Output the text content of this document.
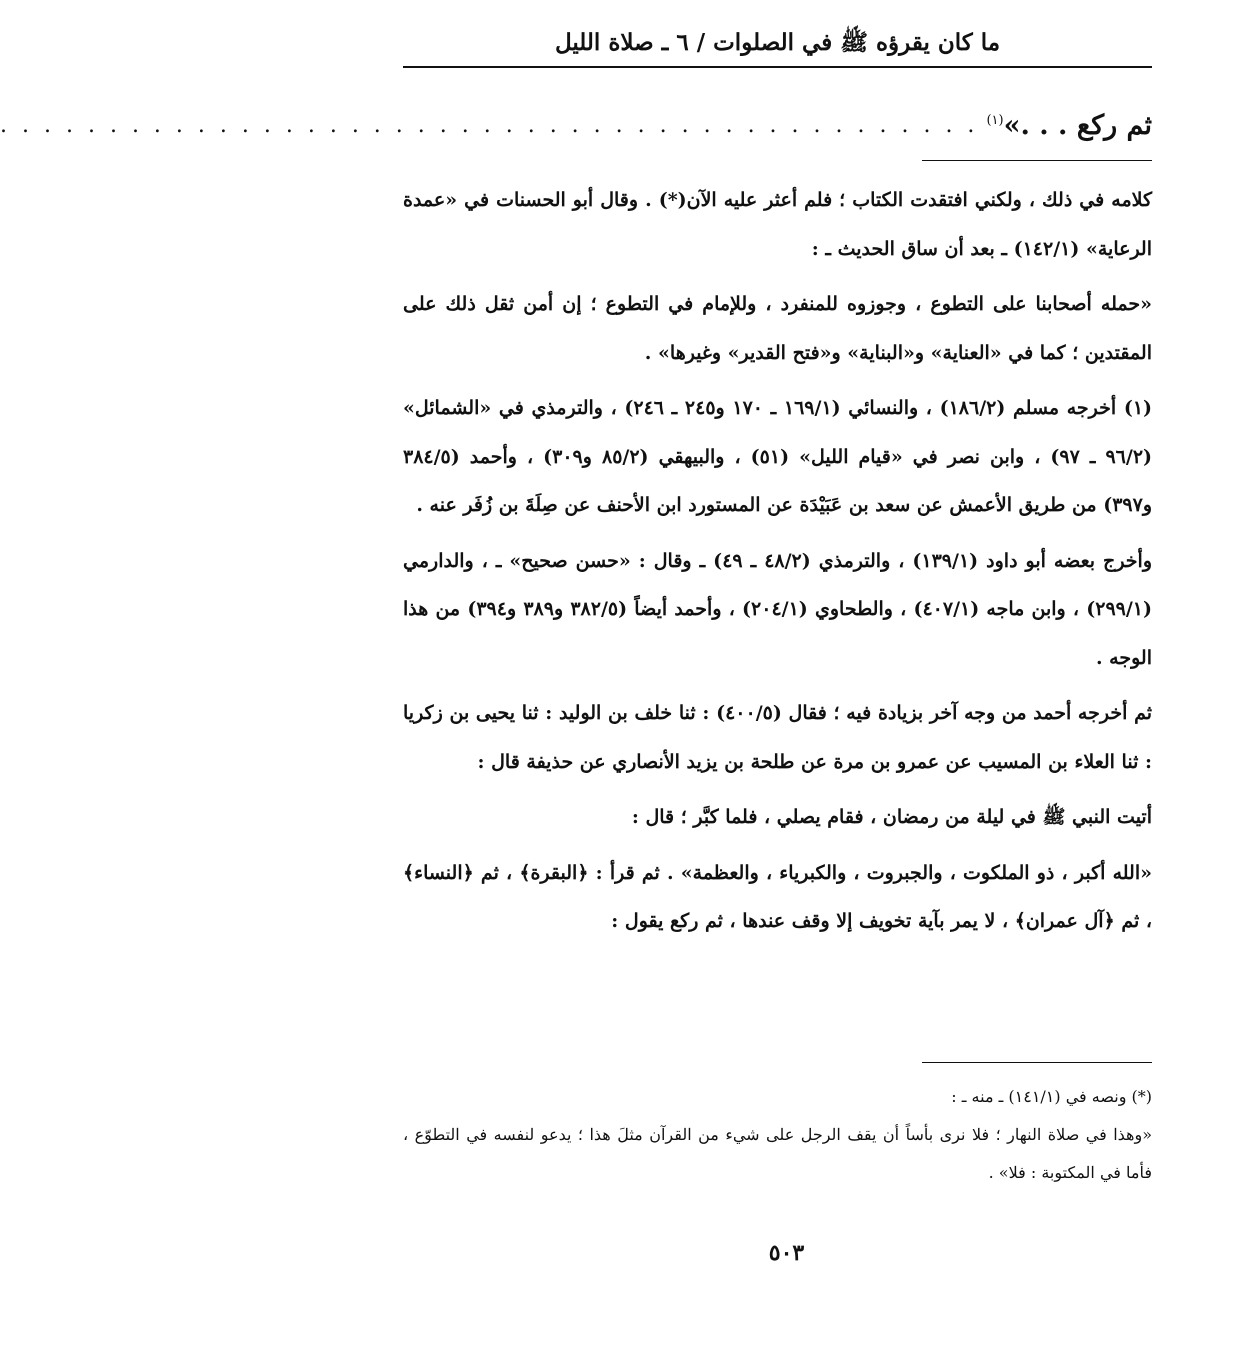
ما كان يقرؤه ﷺ في الصلوات / ٦ ـ صلاة الليل
ثم ركع . . .»$^{(١)}$
. . . . . . . . . . . . . . . . . . . . . . . . . . . . . . . . . . . . . . . . . . . . .

كلامه في ذلك ، ولكني افتقدت الكتاب ؛ فلم أعثر عليه الآن(*) . وقال أبو الحسنات في «عمدة الرعاية» (١٤٢/١) ـ بعد أن ساق الحديث ـ :

«حمله أصحابنا على التطوع ، وجوزوه للمنفرد ، وللإمام في التطوع ؛ إن أمن ثقل ذلك على المقتدين ؛ كما في «العناية» و«البناية» و«فتح القدير» وغيرها» .

(١) أخرجه مسلم (١٨٦/٢) ، والنسائي (١٦٩/١ ـ ١٧٠ و٢٤٥ ـ ٢٤٦) ، والترمذي في «الشمائل» (٩٦/٢ ـ ٩٧) ، وابن نصر في «قيام الليل» (٥١) ، والبيهقي (٨٥/٢ و٣٠٩) ، وأحمد (٣٨٤/٥ و٣٩٧) من طريق الأعمش عن سعد بن عَبَيْدَة عن المستورد ابن الأحنف عن صِلَةَ بن زُفَر عنه .

وأخرج بعضه أبو داود (١٣٩/١) ، والترمذي (٤٨/٢ ـ ٤٩) ـ وقال : «حسن صحيح» ـ ، والدارمي (٢٩٩/١) ، وابن ماجه (٤٠٧/١) ، والطحاوي (٢٠٤/١) ، وأحمد أيضاً (٣٨٢/٥ و٣٨٩ و٣٩٤) من هذا الوجه .

ثم أخرجه أحمد من وجه آخر بزيادة فيه ؛ فقال (٤٠٠/٥) : ثنا خلف بن الوليد : ثنا يحيى بن زكريا : ثنا العلاء بن المسيب عن عمرو بن مرة عن طلحة بن يزيد الأنصاري عن حذيفة قال :

أتيت النبي ﷺ في ليلة من رمضان ، فقام يصلي ، فلما كبَّر ؛ قال :

«الله أكبر ، ذو الملكوت ، والجبروت ، والكبرياء ، والعظمة» . ثم قرأ : ﴿البقرة﴾ ، ثم ﴿النساء﴾ ، ثم ﴿آل عمران﴾ ، لا يمر بآية تخويف إلا وقف عندها ، ثم ركع يقول :

(*) ونصه في (١٤١/١) ـ منه ـ :

«وهذا في صلاة النهار ؛ فلا نرى بأساً أن يقف الرجل على شيء من القرآن مثلَ هذا ؛ يدعو لنفسه في التطوّع ، فأما في المكتوبة : فلا» .

٥٠٣
